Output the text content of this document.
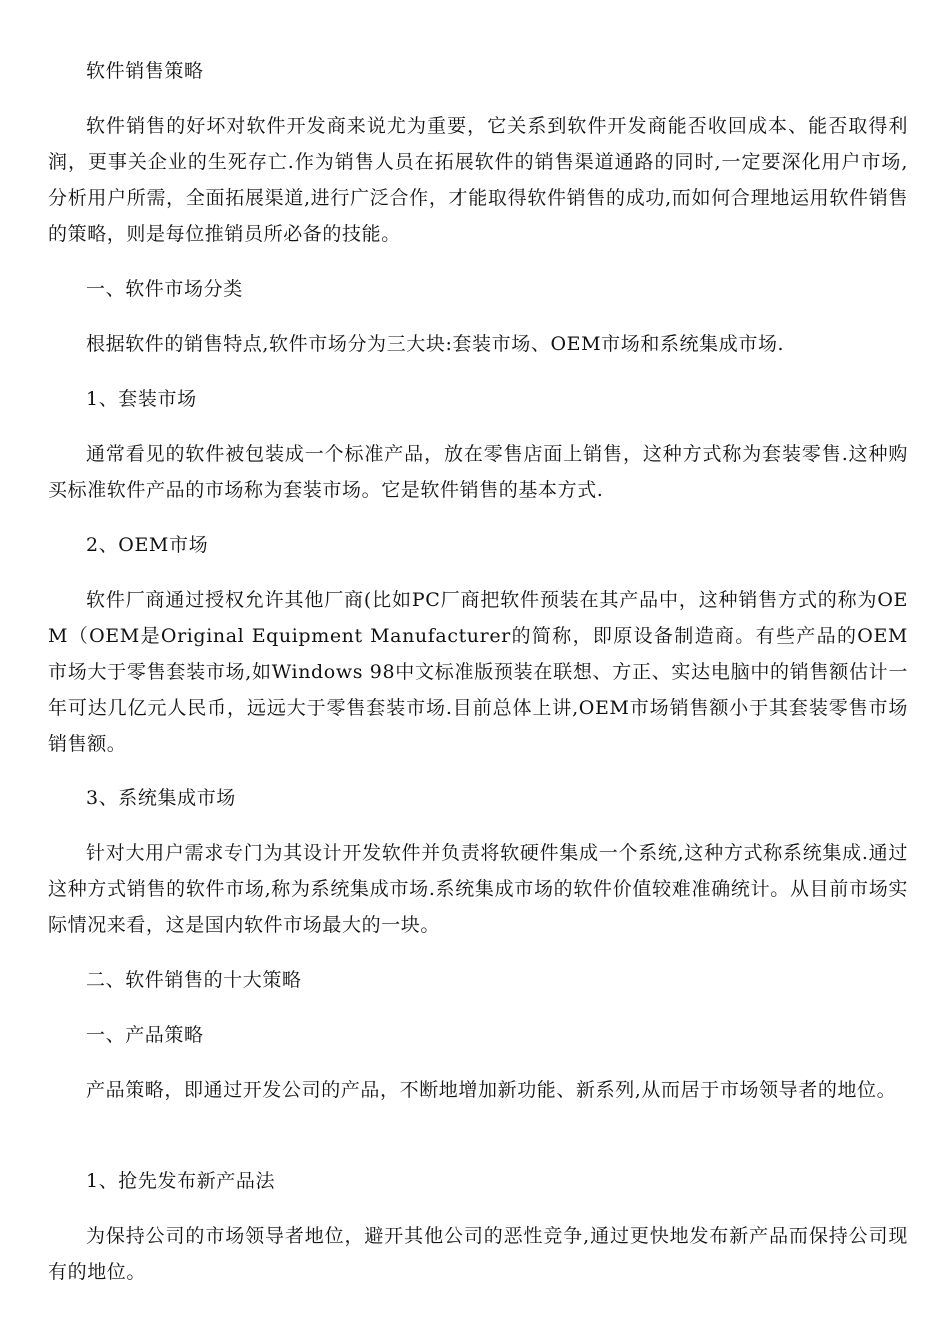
软件销售策略

软件销售的好坏对软件开发商来说尤为重要，它关系到软件开发商能否收回成本、能否取得利润，更事关企业的生死存亡.作为销售人员在拓展软件的销售渠道通路的同时,一定要深化用户市场,分析用户所需，全面拓展渠道,进行广泛合作，才能取得软件销售的成功,而如何合理地运用软件销售的策略，则是每位推销员所必备的技能。

一、软件市场分类

根据软件的销售特点,软件市场分为三大块:套装市场、OEM市场和系统集成市场.

1、套装市场

通常看见的软件被包装成一个标准产品，放在零售店面上销售，这种方式称为套装零售.这种购买标准软件产品的市场称为套装市场。它是软件销售的基本方式.

2、OEM市场

软件厂商通过授权允许其他厂商(比如PC厂商把软件预装在其产品中，这种销售方式的称为OEM（OEM是Original Equipment Manufacturer的简称，即原设备制造商。有些产品的OEM市场大于零售套装市场,如Windows 98中文标准版预装在联想、方正、实达电脑中的销售额估计一年可达几亿元人民币，远远大于零售套装市场.目前总体上讲,OEM市场销售额小于其套装零售市场销售额。

3、系统集成市场

针对大用户需求专门为其设计开发软件并负责将软硬件集成一个系统,这种方式称系统集成.通过这种方式销售的软件市场,称为系统集成市场.系统集成市场的软件价值较难准确统计。从目前市场实际情况来看，这是国内软件市场最大的一块。

二、软件销售的十大策略

一、产品策略

产品策略，即通过开发公司的产品，不断地增加新功能、新系列,从而居于市场领导者的地位。

1、抢先发布新产品法

为保持公司的市场领导者地位，避开其他公司的恶性竞争,通过更快地发布新产品而保持公司现有的地位。
